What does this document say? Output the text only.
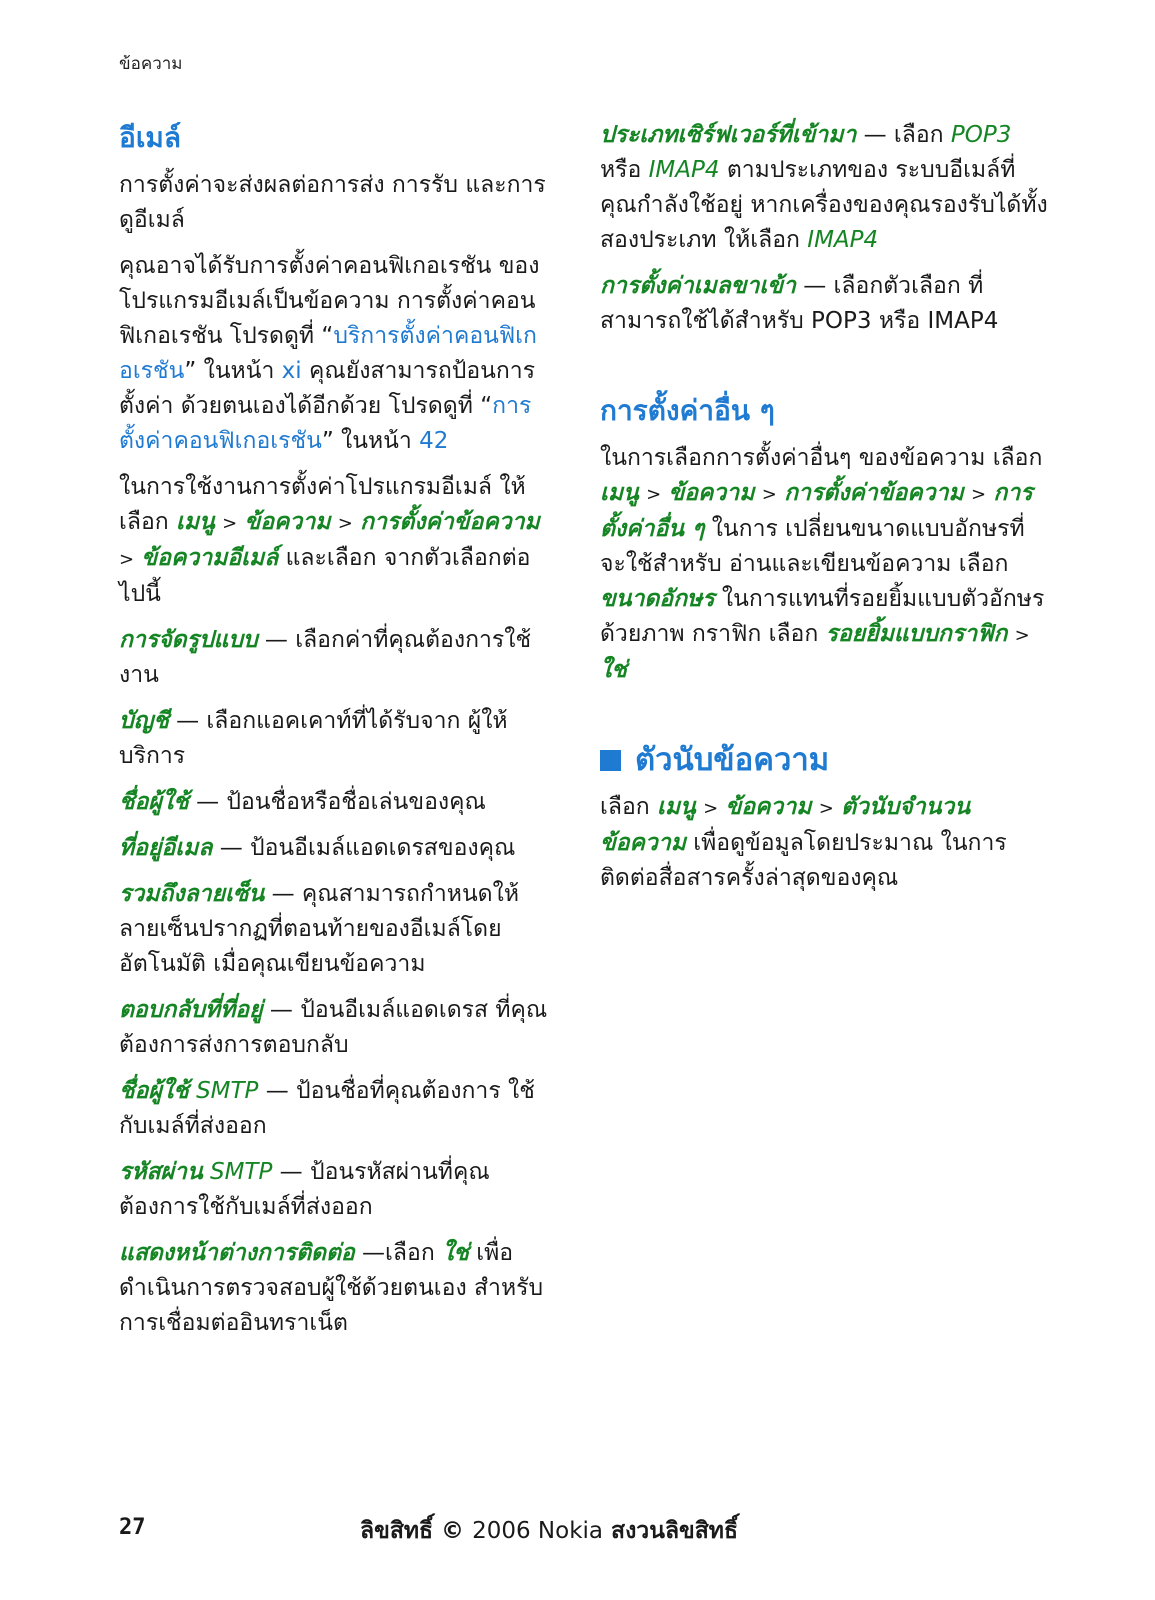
ข้อความ
อีเมล์

การตั้งค่าจะส่งผลต่อการส่ง การรับ และการดูอีเมล์

คุณอาจได้รับการตั้งค่าคอนฟิเกอเรชัน ของโปรแกรมอีเมล์เป็นข้อความ การตั้งค่าคอนฟิเกอเรชัน โปรดดูที่ “บริการตั้งค่าคอนฟิเกอเรชัน” ในหน้า xi คุณยังสามารถป้อนการตั้งค่า ด้วยตนเองได้อีกด้วย โปรดดูที่ “การตั้งค่าคอนฟิเกอเรชัน” ในหน้า 42

ในการใช้งานการตั้งค่าโปรแกรมอีเมล์ ให้เลือก เมนู > ข้อความ > การตั้งค่าข้อความ > ข้อความอีเมล์ และเลือก จากตัวเลือกต่อไปนี้

การจัดรูปแบบ — เลือกค่าที่คุณต้องการใช้งาน

บัญชี — เลือกแอคเคาท์ที่ได้รับจาก ผู้ให้บริการ

ชื่อผู้ใช้ — ป้อนชื่อหรือชื่อเล่นของคุณ

ที่อยู่อีเมล — ป้อนอีเมล์แอดเดรสของคุณ

รวมถึงลายเซ็น — คุณสามารถกำหนดให้ลายเซ็นปรากฏที่ตอนท้ายของอีเมล์โดยอัตโนมัติ เมื่อคุณเขียนข้อความ

ตอบกลับที่ที่อยู่ — ป้อนอีเมล์แอดเดรส ที่คุณต้องการส่งการตอบกลับ

ชื่อผู้ใช้ SMTP — ป้อนชื่อที่คุณต้องการ ใช้กับเมล์ที่ส่งออก

รหัสผ่าน SMTP — ป้อนรหัสผ่านที่คุณ ต้องการใช้กับเมล์ที่ส่งออก

แสดงหน้าต่างการติดต่อ —เลือก ใช่ เพื่อดำเนินการตรวจสอบผู้ใช้ด้วยตนเอง สำหรับการเชื่อมต่ออินทราเน็ต

ประเภทเซิร์ฟเวอร์ที่เข้ามา — เลือก POP3 หรือ IMAP4 ตามประเภทของ ระบบอีเมล์ที่คุณกำลังใช้อยู่ หากเครื่องของคุณรองรับได้ทั้งสองประเภท ให้เลือก IMAP4

การตั้งค่าเมลขาเข้า — เลือกตัวเลือก ที่สามารถใช้ได้สำหรับ POP3 หรือ IMAP4

การตั้งค่าอื่น ๆ

ในการเลือกการตั้งค่าอื่นๆ ของข้อความ เลือก เมนู > ข้อความ > การตั้งค่าข้อความ > การตั้งค่าอื่น ๆ ในการ เปลี่ยนขนาดแบบอักษรที่จะใช้สำหรับ อ่านและเขียนข้อความ เลือก ขนาดอักษร ในการแทนที่รอยยิ้มแบบตัวอักษรด้วยภาพ กราฟิก เลือก รอยยิ้มแบบกราฟิก > ใช่

ตัวนับข้อความ

เลือก เมนู > ข้อความ > ตัวนับจำนวนข้อความ เพื่อดูข้อมูลโดยประมาณ ในการติดต่อสื่อสารครั้งล่าสุดของคุณ

27	ลิขสิทธิ์ © 2006 Nokia สงวนลิขสิทธิ์
